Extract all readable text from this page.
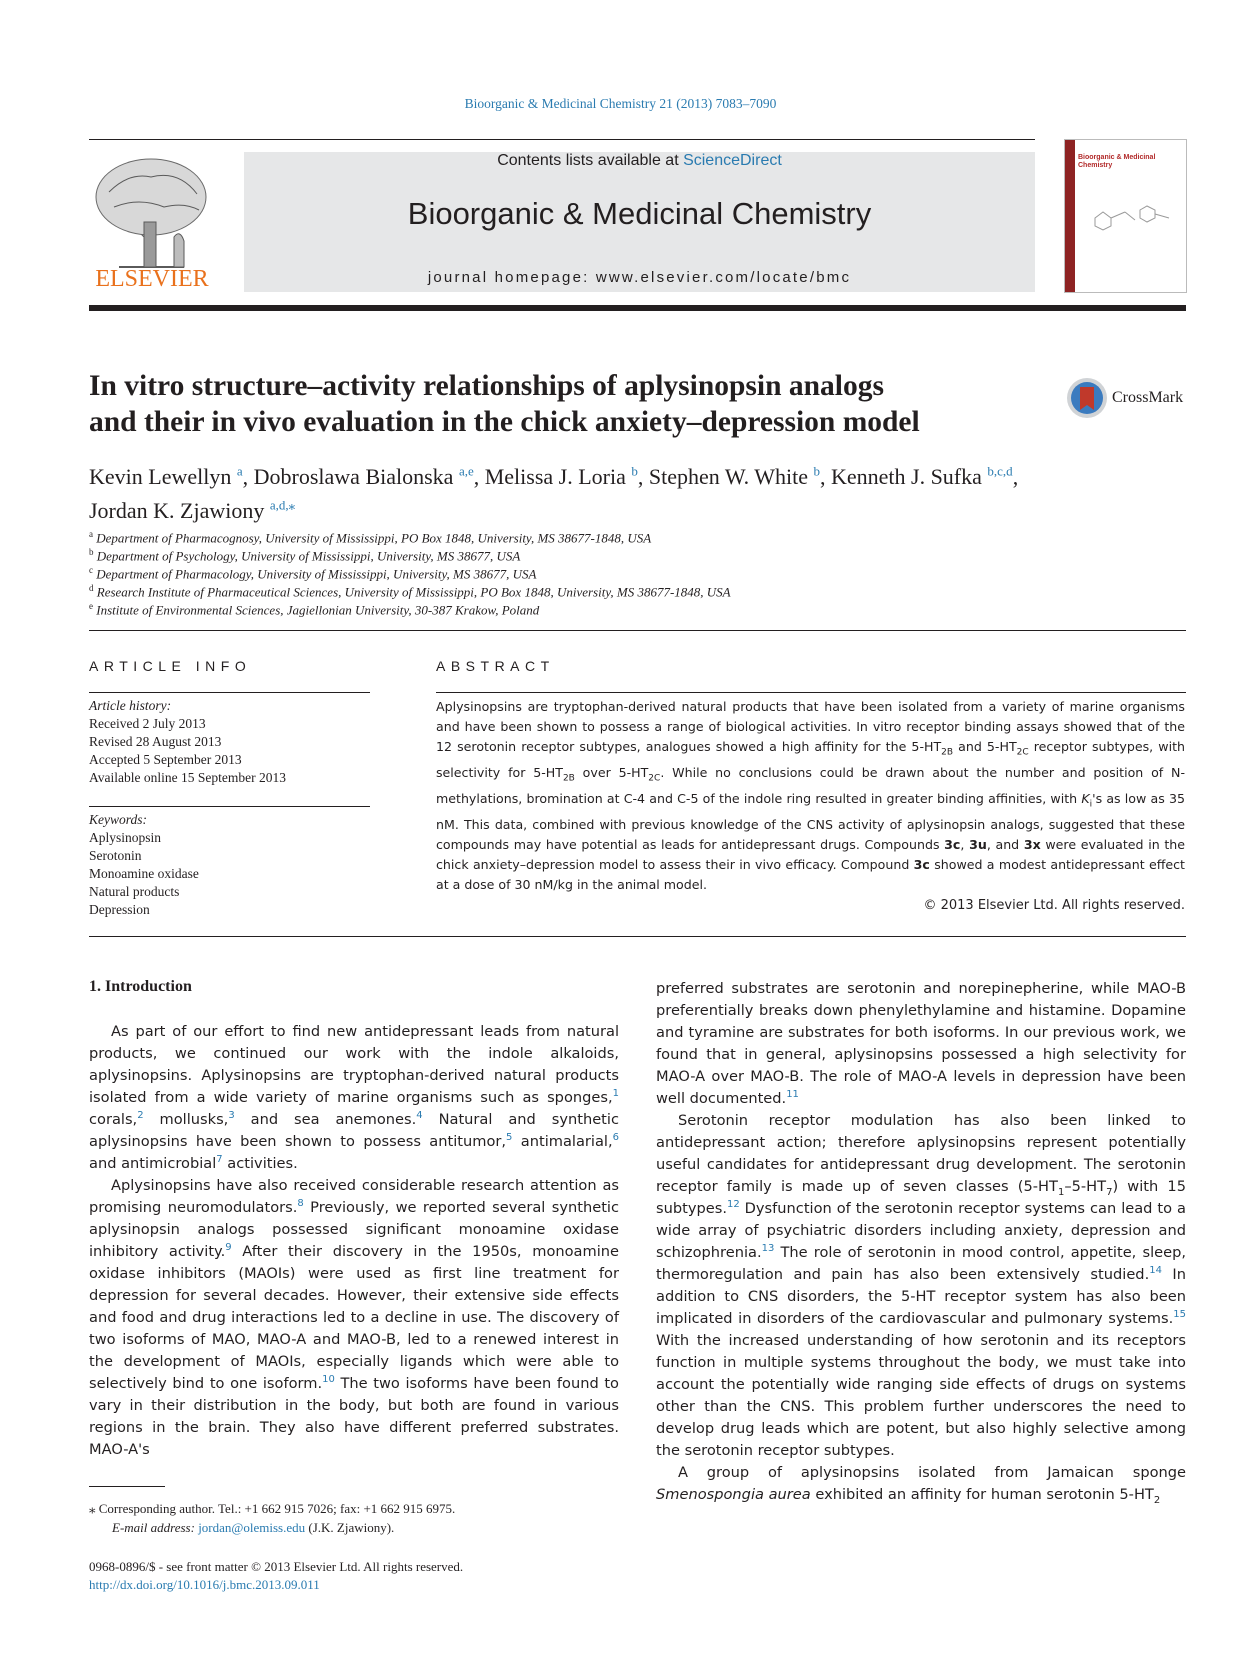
Bioorganic & Medicinal Chemistry 21 (2013) 7083–7090
ELSEVIER
Contents lists available at ScienceDirect
Bioorganic & Medicinal Chemistry
journal homepage: www.elsevier.com/locate/bmc
Bioorganic & Medicinal Chemistry
In vitro structure–activity relationships of aplysinopsin analogs
and their in vivo evaluation in the chick anxiety–depression model
CrossMark
Kevin Lewellyn $^a$, Dobroslawa Bialonska $^{a,e}$, Melissa J. Loria $^b$, Stephen W. White $^b$, Kenneth J. Sufka $^{b,c,d}$,
Jordan K. Zjawiony $^{a,d,⁎}$
$^a$ Department of Pharmacognosy, University of Mississippi, PO Box 1848, University, MS 38677-1848, USA
$^b$ Department of Psychology, University of Mississippi, University, MS 38677, USA
$^c$ Department of Pharmacology, University of Mississippi, University, MS 38677, USA
$^d$ Research Institute of Pharmaceutical Sciences, University of Mississippi, PO Box 1848, University, MS 38677-1848, USA
$^e$ Institute of Environmental Sciences, Jagiellonian University, 30-387 Krakow, Poland
ARTICLE INFO
Article history:
Received 2 July 2013
Revised 28 August 2013
Accepted 5 September 2013
Available online 15 September 2013
Keywords:
Aplysinopsin
Serotonin
Monoamine oxidase
Natural products
Depression
ABSTRACT
Aplysinopsins are tryptophan-derived natural products that have been isolated from a variety of marine organisms and have been shown to possess a range of biological activities. In vitro receptor binding assays showed that of the 12 serotonin receptor subtypes, analogues showed a high affinity for the $5-HT_{2B}$ and $5-HT_{2C}$ receptor subtypes, with selectivity for $5-HT_{2B}$ over $5-HT_{2C}$. While no conclusions could be drawn about the number and position of N-methylations, bromination at C-4 and C-5 of the indole ring resulted in greater binding affinities, with $K_i's$ as low as 35 nM. This data, combined with previous knowledge of the CNS activity of aplysinopsin analogs, suggested that these compounds may have potential as leads for antidepressant drugs. Compounds 3c, 3u, and 3x were evaluated in the chick anxiety–depression model to assess their in vivo efficacy. Compound 3c showed a modest antidepressant effect at a dose of 30 nM/kg in the animal model.
© 2013 Elsevier Ltd. All rights reserved.
1. Introduction

As part of our effort to find new antidepressant leads from natural products, we continued our work with the indole alkaloids, aplysinopsins. Aplysinopsins are tryptophan-derived natural products isolated from a wide variety of marine organisms such as sponges,$^1$ corals,$^2$ mollusks,$^3$ and sea anemones.$^4$ Natural and synthetic aplysinopsins have been shown to possess antitumor,$^5$ antimalarial,$^6$ and antimicrobial$^7$ activities.

Aplysinopsins have also received considerable research attention as promising neuromodulators.$^8$ Previously, we reported several synthetic aplysinopsin analogs possessed significant monoamine oxidase inhibitory activity.$^9$ After their discovery in the 1950s, monoamine oxidase inhibitors (MAOIs) were used as first line treatment for depression for several decades. However, their extensive side effects and food and drug interactions led to a decline in use. The discovery of two isoforms of MAO, MAO-A and MAO-B, led to a renewed interest in the development of MAOIs, especially ligands which were able to selectively bind to one isoform.$^{10}$ The two isoforms have been found to vary in their distribution in the body, but both are found in various regions in the brain. They also have different preferred substrates. MAO-A's

preferred substrates are serotonin and norepinepherine, while MAO-B preferentially breaks down phenylethylamine and histamine. Dopamine and tyramine are substrates for both isoforms. In our previous work, we found that in general, aplysinopsins possessed a high selectivity for MAO-A over MAO-B. The role of MAO-A levels in depression have been well documented.$^{11}$

Serotonin receptor modulation has also been linked to antidepressant action; therefore aplysinopsins represent potentially useful candidates for antidepressant drug development. The serotonin receptor family is made up of seven classes $(5-HT_1-5-HT_7)$ with 15 subtypes.$^{12}$ Dysfunction of the serotonin receptor systems can lead to a wide array of psychiatric disorders including anxiety, depression and schizophrenia.$^{13}$ The role of serotonin in mood control, appetite, sleep, thermoregulation and pain has also been extensively studied.$^{14}$ In addition to CNS disorders, the 5-HT receptor system has also been implicated in disorders of the cardiovascular and pulmonary systems.$^{15}$ With the increased understanding of how serotonin and its receptors function in multiple systems throughout the body, we must take into account the potentially wide ranging side effects of drugs on systems other than the CNS. This problem further underscores the need to develop drug leads which are potent, but also highly selective among the serotonin receptor subtypes.

A group of aplysinopsins isolated from Jamaican sponge Smenospongia aurea exhibited an affinity for human serotonin $5-HT_2$

⁎ Corresponding author. Tel.: +1 662 915 7026; fax: +1 662 915 6975.
E-mail address: jordan@olemiss.edu (J.K. Zjawiony).
0968-0896/$ - see front matter © 2013 Elsevier Ltd. All rights reserved.
http://dx.doi.org/10.1016/j.bmc.2013.09.011
